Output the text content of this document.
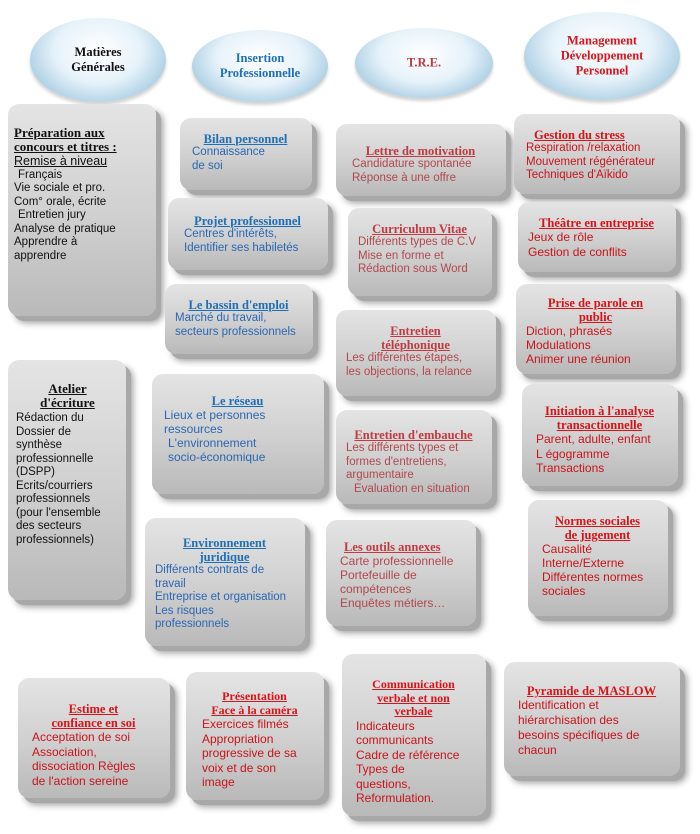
Matières
Générales
Insertion
Professionnelle
T.R.E.
Management
Développement
Personnel
Préparation aux
concours et titres :
Remise à niveau
Français
Vie sociale et pro.
Com° orale, écrite
Entretien jury
Analyse de pratique
Apprendre à
apprendre
Atelier
d'écriture
Rédaction du
Dossier de
synthèse
professionnelle
(DSPP)
Ecrits/courriers
professionnels
(pour l'ensemble
des secteurs
professionnels)
Bilan personnel
Connaissance
de soi
Projet professionnel
Centres d'intérêts,
Identifier ses habiletés
Le bassin d'emploi
Marché du travail,
secteurs professionnels
Le réseau
Lieux et personnes
ressources
L'environnement
socio-économique
Environnement
juridique
Différents contrats de
travail
Entreprise et organisation
Les risques
professionnels
Lettre de motivation
Candidature spontanée
Réponse à une offre
Curriculum Vitae
Différents types de C.V
Mise en forme et
Rédaction sous Word
Entretien
téléphonique
Les différentes étapes,
les objections, la relance
Entretien d'embauche
Les différents types et
formes d'entretiens,
argumentaire
Evaluation en situation
Les outils annexes
Carte professionnelle
Portefeuille de
compétences
Enquêtes métiers…
Gestion du stress
Respiration /relaxation
Mouvement régénérateur
Techniques d'Aïkido
Théâtre en entreprise
Jeux de rôle
Gestion de conflits
Prise de parole en
public
Diction, phrasés
Modulations
Animer une réunion
Initiation à l'analyse
transactionnelle
Parent, adulte, enfant
L égogramme
Transactions
Normes sociales
de jugement
Causalité
Interne/Externe
Différentes normes
sociales
Estime et
confiance en soi
Acceptation de soi
Association,
dissociation Règles
de l'action sereine
Présentation
Face à la caméra
Exercices filmés
Appropriation
progressive de sa
voix et de son
image
Communication
verbale et non
verbale
Indicateurs
communicants
Cadre de référence
Types de
questions,
Reformulation.
Pyramide de MASLOW
Identification et
hiérarchisation des
besoins spécifiques de
chacun
